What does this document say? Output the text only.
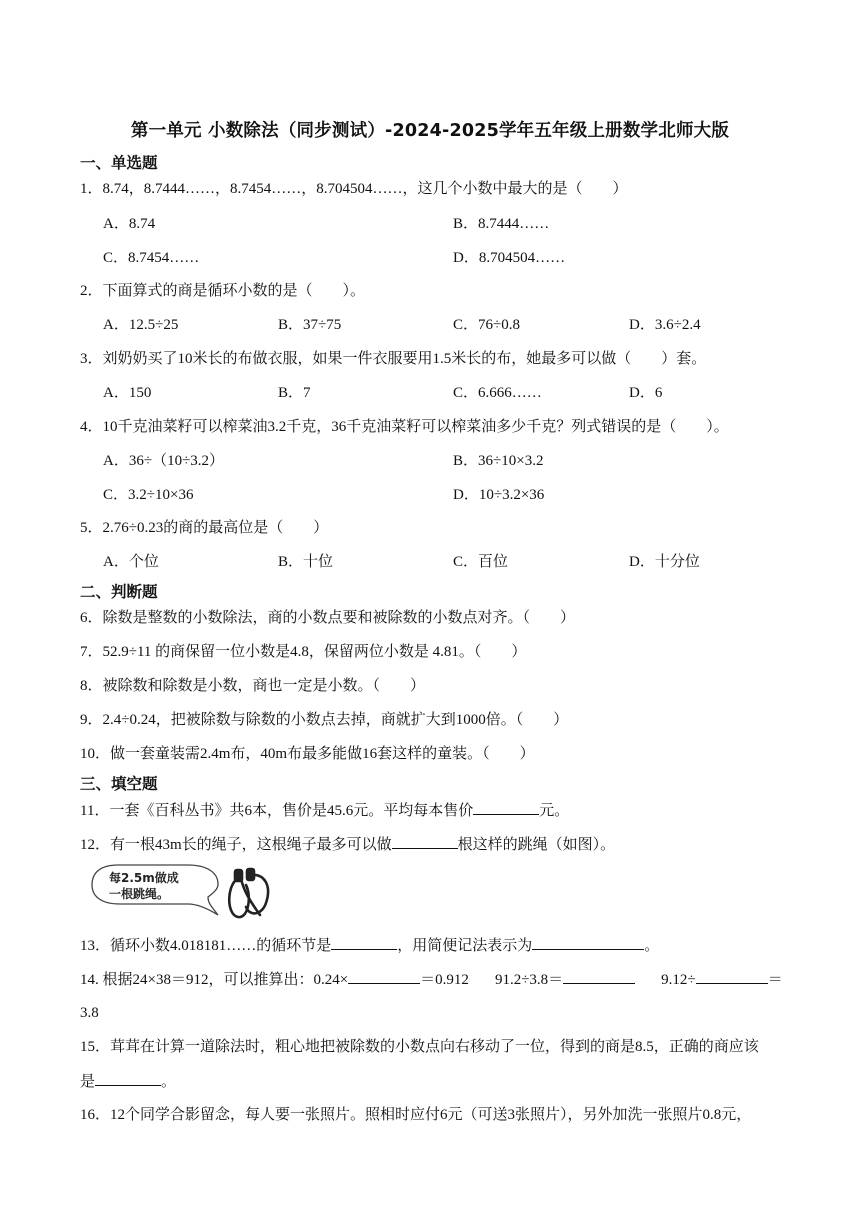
第一单元 小数除法（同步测试）-2024-2025学年五年级上册数学北师大版
一、单选题
1．8.74，8.7444……，8.7454……，8.704504……，这几个小数中最大的是（　　）
A．8.74	B．8.7444……
C．8.7454……	D．8.704504……
2．下面算式的商是循环小数的是（　　）。
A．12.5÷25	B．37÷75	C．76÷0.8	D．3.6÷2.4
3．刘奶奶买了10米长的布做衣服，如果一件衣服要用1.5米长的布，她最多可以做（　　）套。
A．150	B．7	C．6.666……	D．6
4．10千克油菜籽可以榨菜油3.2千克，36千克油菜籽可以榨菜油多少千克？列式错误的是（　　）。
A．36÷（10÷3.2）	B．36÷10×3.2
C．3.2÷10×36	D．10÷3.2×36
5．2.76÷0.23的商的最高位是（　　）
A．个位	B．十位	C．百位	D．十分位
二、判断题
6．除数是整数的小数除法，商的小数点要和被除数的小数点对齐。（　　）
7．52.9÷11 的商保留一位小数是4.8，保留两位小数是 4.81。（　　）
8．被除数和除数是小数，商也一定是小数。（　　）
9．2.4÷0.24，把被除数与除数的小数点去掉，商就扩大到1000倍。（　　）
10．做一套童装需2.4m布，40m布最多能做16套这样的童装。（　　）
三、填空题
11．一套《百科丛书》共6本，售价是45.6元。平均每本售价	元。
12．有一根43m长的绳子，这根绳子最多可以做	根这样的跳绳（如图）。
每2.5m做成
一根跳绳。
13．循环小数4.018181……的循环节是	，用简便记法表示为	。
14. 根据24×38＝912，可以推算出：0.24×	＝0.912 91.2÷3.8＝	9.12÷	＝
3.8
15．茸茸在计算一道除法时，粗心地把被除数的小数点向右移动了一位，得到的商是8.5，正确的商应该
是	。
16．12个同学合影留念，每人要一张照片。照相时应付6元（可送3张照片），另外加洗一张照片0.8元，
